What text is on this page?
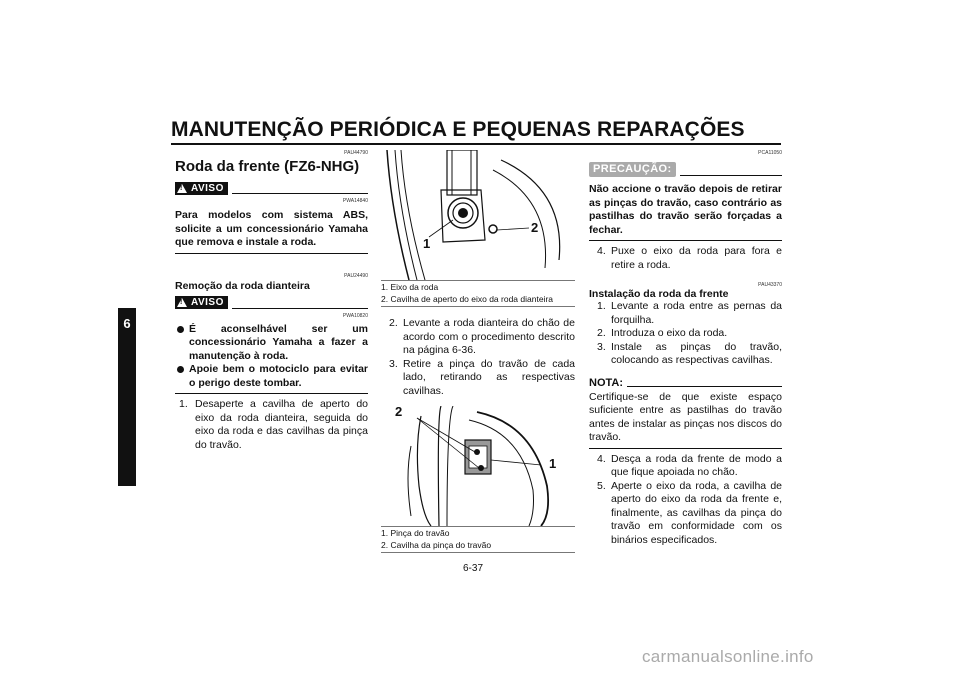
MANUTENÇÃO PERIÓDICA E PEQUENAS REPARAÇÕES
6
PAU44790
Roda da frente (FZ6-NHG)
!
AVISO
PWA14840
Para modelos com sistema ABS, solicite a um concessionário Yamaha que remova e instale a roda.
PAU24490
Remoção da roda dianteira
!
AVISO
PWA10820
É aconselhável ser um concessionário Yamaha a fazer a manutenção à roda.
Apoie bem o motociclo para evitar o perigo deste tombar.
1. Desaperte a cavilha de aperto do eixo da roda dianteira, seguida do eixo da roda e das cavilhas da pinça do travão.
1
2
1. Eixo da roda
2. Cavilha de aperto do eixo da roda dianteira
2. Levante a roda dianteira do chão de acordo com o procedimento descrito na página 6-36.
3. Retire a pinça do travão de cada lado, retirando as respectivas cavilhas.
2
1
1. Pinça do travão
2. Cavilha da pinça do travão
PCA11050
PRECAUÇÃO:
Não accione o travão depois de retirar as pinças do travão, caso contrário as pastilhas do travão serão forçadas a fechar.
4. Puxe o eixo da roda para fora e retire a roda.
PAU43370
Instalação da roda da frente
1. Levante a roda entre as pernas da forquilha.
2. Introduza o eixo da roda.
3. Instale as pinças do travão, colocando as respectivas cavilhas.
NOTA:
Certifique-se de que existe espaço suficiente entre as pastilhas do travão antes de instalar as pinças nos discos do travão.
4. Desça a roda da frente de modo a que fique apoiada no chão.
5. Aperte o eixo da roda, a cavilha de aperto do eixo da roda da frente e, finalmente, as cavilhas da pinça do travão em conformidade com os binários especificados.
6-37
carmanualsonline.info
